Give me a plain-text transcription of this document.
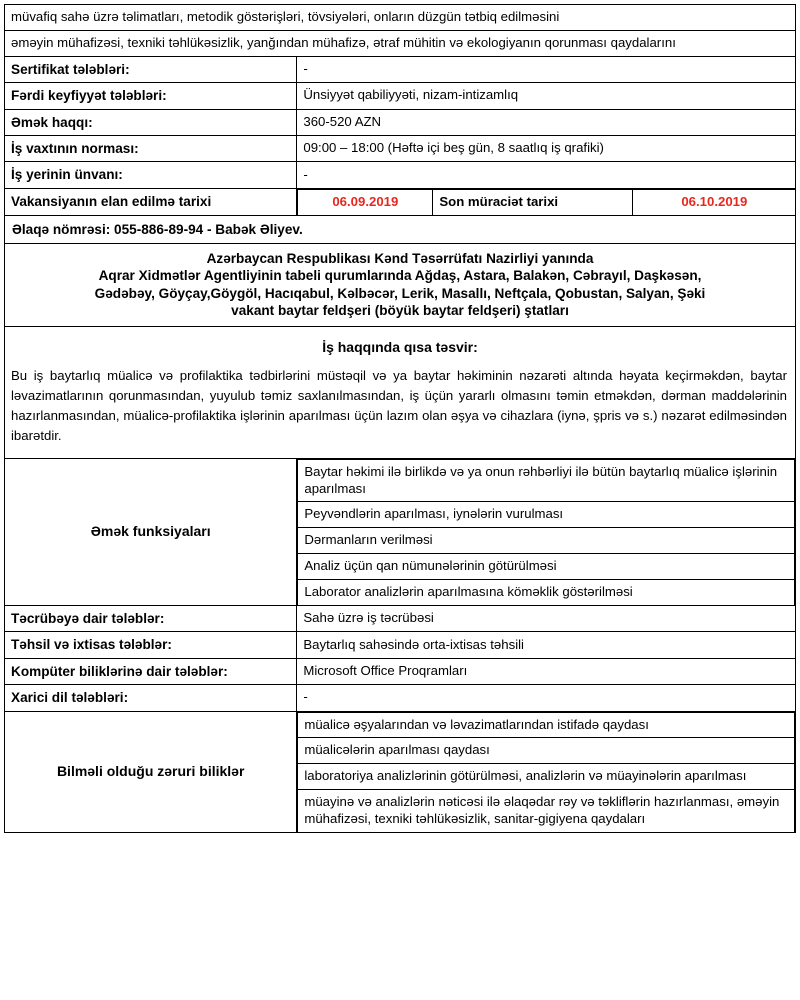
müvafiq sahə üzrə təlimatları, metodik göstərişləri, tövsiyələri, onların düzgün tətbiq edilməsini
əməyin mühafizəsi, texniki təhlükəsizlik, yanğından mühafizə, ətraf mühitin və ekologiyanın qorunması qaydalarını
Sertifikat tələbləri:	-
Fərdi keyfiyyət tələbləri:	Ünsiyyət qabiliyyəti, nizam-intizamlıq
Əmək haqqı:	360-520 AZN
İş vaxtının norması:	09:00 – 18:00 (Həftə içi beş gün, 8 saatlıq iş qrafiki)
İş yerinin ünvanı:	-
Vakansiyanın elan edilmə tarixi		06.09.2019	Son müraciət tarixi	06.10.2019

Əlaqə nömrəsi: 055-886-89-94 - Babək Əliyev.

Azərbaycan Respublikası Kənd Təsərrüfatı Nazirliyi yanında
Aqrar Xidmətlər Agentliyinin tabeli qurumlarında Ağdaş, Astara, Balakən, Cəbrayıl, Daşkəsən,
Gədəbəy, Göyçay,Göygöl, Hacıqabul, Kəlbəcər, Lerik, Masallı, Neftçala, Qobustan, Salyan, Şəki
vakant baytar feldşeri (böyük baytar feldşeri) ştatları

İş haqqında qısa təsvir:
Bu iş baytarlıq müalicə və profilaktika tədbirlərini müstəqil və ya baytar həkiminin nəzarəti altında həyata keçirməkdən, baytar ləvazimatlarının qorunmasından, yuyulub təmiz saxlanılmasından, iş üçün yararlı olmasını təmin etməkdən, dərman maddələrinin hazırlanmasından, müalicə-profilaktika işlərinin aparılması üçün lazım olan əşya və cihazlara (iynə, şpris və s.) nəzarət edilməsindən ibarətdir.

Əmək funksiyaları	
Baytar həkimi ilə birlikdə və ya onun rəhbərliyi ilə bütün baytarlıq müalicə işlərinin aparılması
Peyvəndlərin aparılması, iynələrin vurulması
Dərmanların verilməsi
Analiz üçün qan nümunələrinin götürülməsi
Laborator analizlərin aparılmasına köməklik göstərilməsi

Təcrübəyə dair tələblər:	Sahə üzrə iş təcrübəsi
Təhsil və ixtisas tələblər:	Baytarlıq sahəsində orta-ixtisas təhsili
Kompüter biliklərinə dair tələblər:	Microsoft Office Proqramları
Xarici dil tələbləri:	-
Bilməli olduğu zəruri biliklər	
müalicə əşyalarından və ləvazimatlarından istifadə qaydası
müalicələrin aparılması qaydası
laboratoriya analizlərinin götürülməsi, analizlərin və müayinələrin aparılması
müayinə və analizlərin nəticəsi ilə əlaqədar rəy və təkliflərin hazırlanması, əməyin mühafizəsi, texniki təhlükəsizlik, sanitar-gigiyena qaydaları
